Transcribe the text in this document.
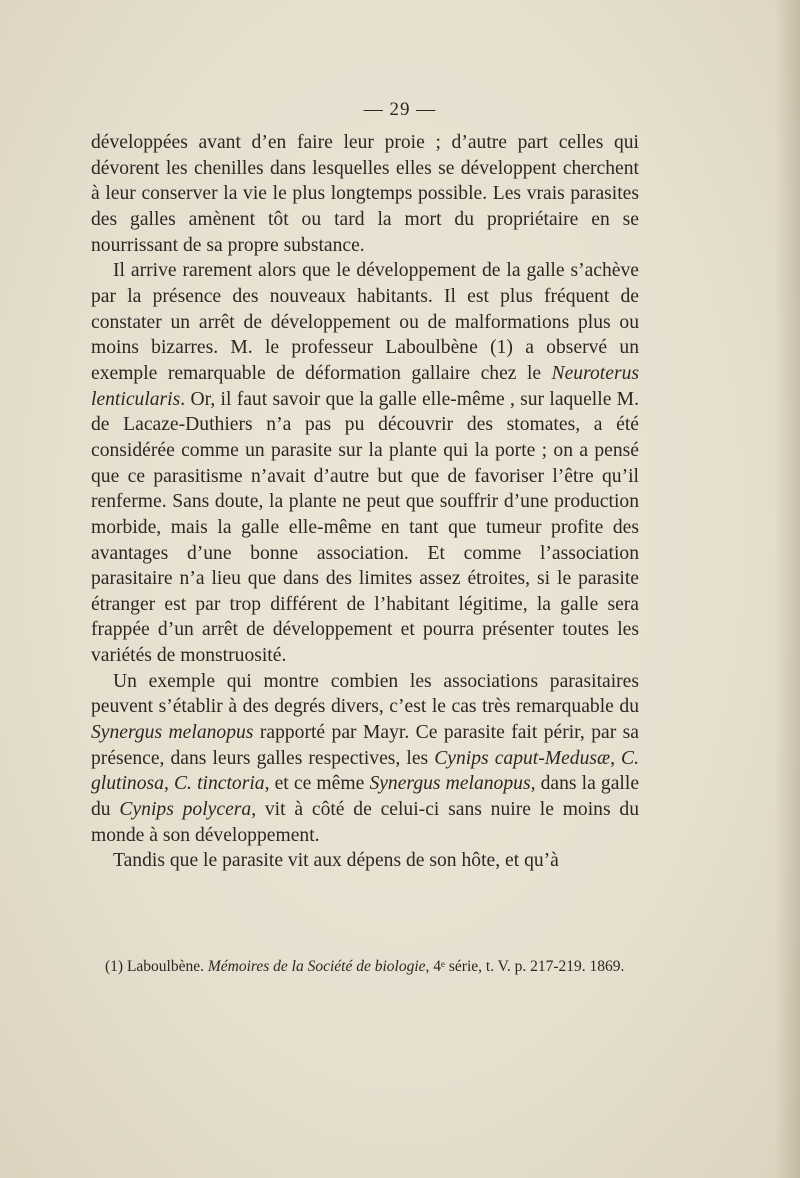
— 29 —

développées avant d’en faire leur proie ; d’autre part celles qui dévorent les chenilles dans lesquelles elles se développent cherchent à leur conserver la vie le plus longtemps possible. Les vrais parasites des galles amènent tôt ou tard la mort du propriétaire en se nourrissant de sa propre substance.

Il arrive rarement alors que le développement de la galle s’achève par la présence des nouveaux habitants. Il est plus fréquent de constater un arrêt de développement ou de malformations plus ou moins bizarres. M. le professeur Laboulbène (1) a observé un exemple remarquable de déformation gallaire chez le Neuroterus lenticularis. Or, il faut savoir que la galle elle-même , sur laquelle M. de Lacaze-Duthiers n’a pas pu découvrir des stomates, a été considérée comme un parasite sur la plante qui la porte ; on a pensé que ce parasitisme n’avait d’autre but que de favoriser l’être qu’il renferme. Sans doute, la plante ne peut que souffrir d’une production morbide, mais la galle elle-même en tant que tumeur profite des avantages d’une bonne association. Et comme l’association parasitaire n’a lieu que dans des limites assez étroites, si le parasite étranger est par trop différent de l’habitant légitime, la galle sera frappée d’un arrêt de développement et pourra présenter toutes les variétés de monstruosité.

Un exemple qui montre combien les associations parasitaires peuvent s’établir à des degrés divers, c’est le cas très remarquable du Synergus melanopus rapporté par Mayr. Ce parasite fait périr, par sa présence, dans leurs galles respectives, les Cynips caput-Medusæ, C. glutinosa, C. tinctoria, et ce même Synergus melanopus, dans la galle du Cynips polycera, vit à côté de celui-ci sans nuire le moins du monde à son développement.

Tandis que le parasite vit aux dépens de son hôte, et qu’à

(1) Laboulbène. Mémoires de la Société de biologie, 4ᵉ série, t. V. p. 217-219. 1869.
